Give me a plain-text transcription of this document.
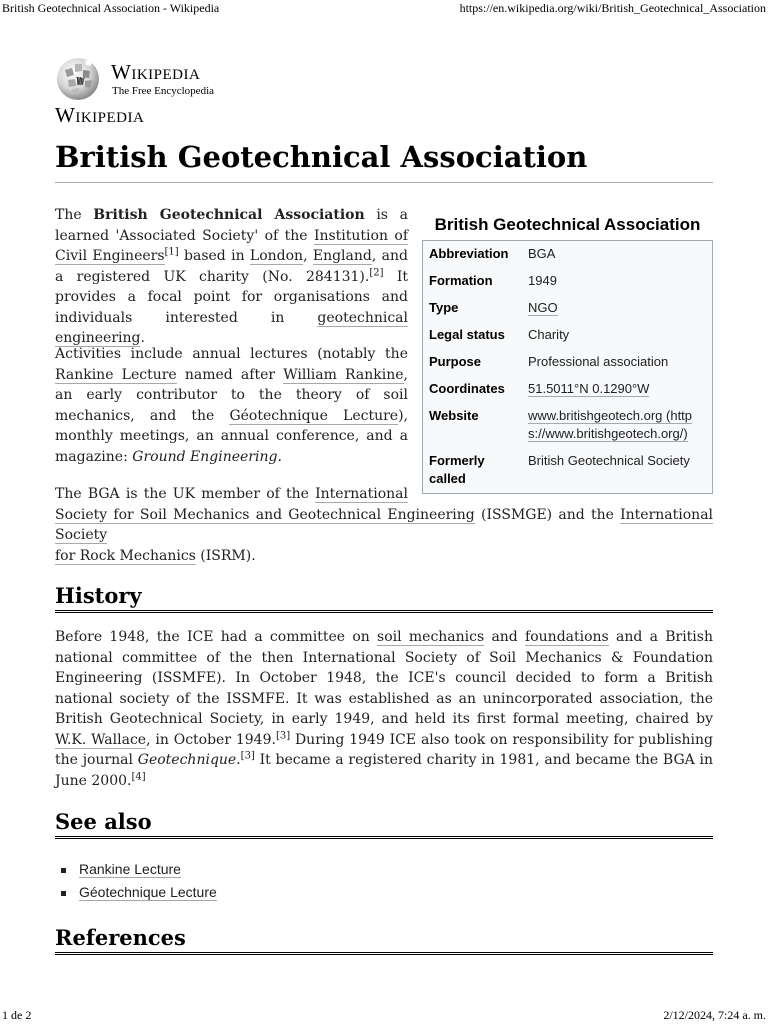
British Geotechnical Association - Wikipedia	https://en.wikipedia.org/wiki/British_Geotechnical_Association
W Wikipedia
The Free Encyclopedia
Wikipedia
British Geotechnical Association
British Geotechnical Association
Abbreviation	BGA
Formation	1949
Type	NGO
Legal status	Charity
Purpose	Professional association
Coordinates	51.5011°N 0.1290°W
Website	www.britishgeotech.org (http
s://www.britishgeotech.org/)
Formerly
called	British Geotechnical Society

The British Geotechnical Association is a learned 'Associated Society' of the Institution of Civil Engineers[1] based in London, England, and a registered UK charity (No. 284131).[2] It provides a focal point for organisations and individuals interested in geotechnical engineering.

Activities include annual lectures (notably the Rankine Lecture named after William Rankine, an early contributor to the theory of soil mechanics, and the Géotechnique Lecture), monthly meetings, an annual conference, and a magazine: Ground Engineering.

The BGA is the UK member of the International
Society for Soil Mechanics and Geotechnical Engineering (ISSMGE) and the International Society
for Rock Mechanics (ISRM).
History

Before 1948, the ICE had a committee on soil mechanics and foundations and a British national committee of the then International Society of Soil Mechanics & Foundation Engineering (ISSMFE). In October 1948, the ICE's council decided to form a British national society of the ISSMFE. It was established as an unincorporated association, the British Geotechnical Society, in early 1949, and held its first formal meeting, chaired by W.K. Wallace, in October 1949.[3] During 1949 ICE also took on responsibility for publishing the journal Geotechnique.[3] It became a registered charity in 1981, and became the BGA in June 2000.[4]

See also
Rankine Lecture
Géotechnique Lecture
References
1 de 2	2/12/2024, 7:24 a. m.
